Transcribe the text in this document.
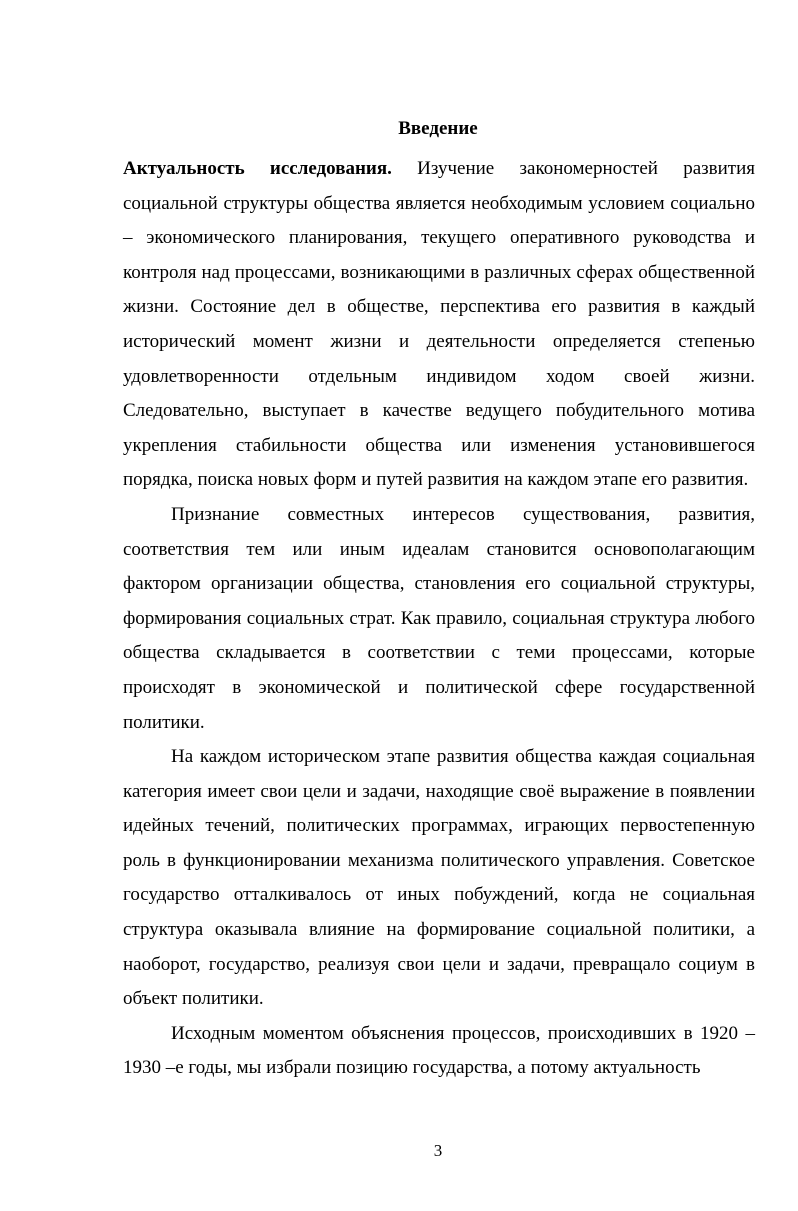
Введение

Актуальность исследования. Изучение закономерностей развития социальной структуры общества является необходимым условием социально – экономического планирования, текущего оперативного руководства и контроля над процессами, возникающими в различных сферах общественной жизни. Состояние дел в обществе, перспектива его развития в каждый исторический момент жизни и деятельности определяется степенью удовлетворенности отдельным индивидом ходом своей жизни. Следовательно, выступает в качестве ведущего побудительного мотива укрепления стабильности общества или изменения установившегося порядка, поиска новых форм и путей развития на каждом этапе его развития.

Признание совместных интересов существования, развития, соответствия тем или иным идеалам становится основополагающим фактором организации общества, становления его социальной структуры, формирования социальных страт. Как правило, социальная структура любого общества складывается в соответствии с теми процессами, которые происходят в экономической и политической сфере государственной политики.

На каждом историческом этапе развития общества каждая социальная категория имеет свои цели и задачи, находящие своё выражение в появлении идейных течений, политических программах, играющих первостепенную роль в функционировании механизма политического управления. Советское государство отталкивалось от иных побуждений, когда не социальная структура оказывала влияние на формирование социальной политики, а наоборот, государство, реализуя свои цели и задачи, превращало социум в объект политики.

Исходным моментом объяснения процессов, происходивших в 1920 – 1930 –е годы, мы избрали позицию государства, а потому актуальность

3
